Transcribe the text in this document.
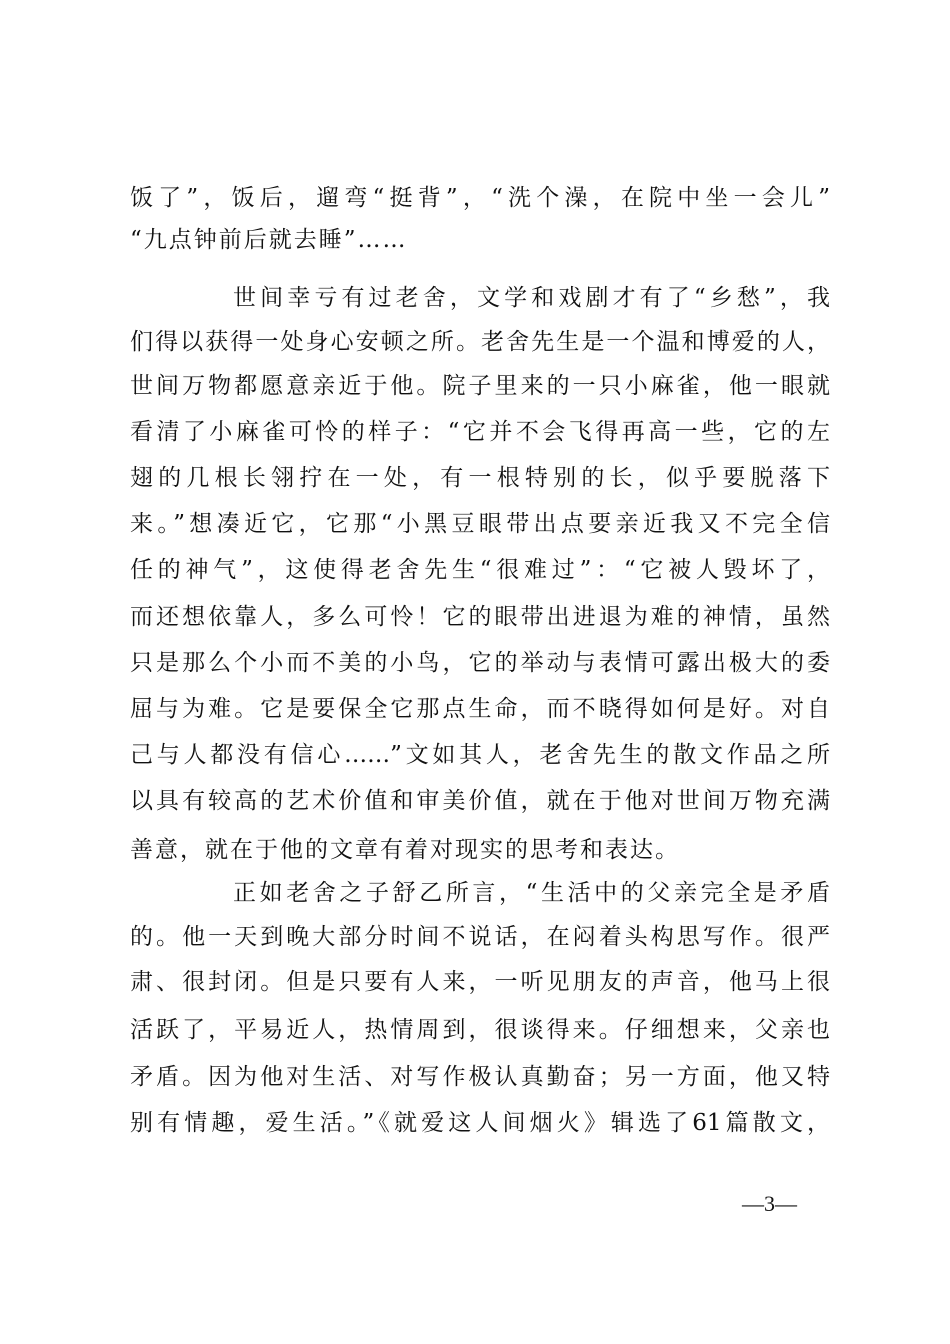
饭了”，饭后，遛弯“挺背”，“洗个澡，在院中坐一会儿”
“九点钟前后就去睡”……
世间幸亏有过老舍，文学和戏剧才有了“乡愁”，我
们得以获得一处身心安顿之所。老舍先生是一个温和博爱的人，
世间万物都愿意亲近于他。院子里来的一只小麻雀，他一眼就
看清了小麻雀可怜的样子：“它并不会飞得再高一些，它的左
翅的几根长翎拧在一处，有一根特别的长，似乎要脱落下
来。”想凑近它，它那“小黑豆眼带出点要亲近我又不完全信
任的神气”，这使得老舍先生“很难过”：“它被人毁坏了，
而还想依靠人，多么可怜！它的眼带出进退为难的神情，虽然
只是那么个小而不美的小鸟，它的举动与表情可露出极大的委
屈与为难。它是要保全它那点生命，而不晓得如何是好。对自
己与人都没有信心……”文如其人，老舍先生的散文作品之所
以具有较高的艺术价值和审美价值，就在于他对世间万物充满
善意，就在于他的文章有着对现实的思考和表达。
正如老舍之子舒乙所言，“生活中的父亲完全是矛盾
的。他一天到晚大部分时间不说话，在闷着头构思写作。很严
肃、很封闭。但是只要有人来，一听见朋友的声音，他马上很
活跃了，平易近人，热情周到，很谈得来。仔细想来，父亲也
矛盾。因为他对生活、对写作极认真勤奋；另一方面，他又特
别有情趣，爱生活。”《就爱这人间烟火》辑选了61篇散文，
—3—
